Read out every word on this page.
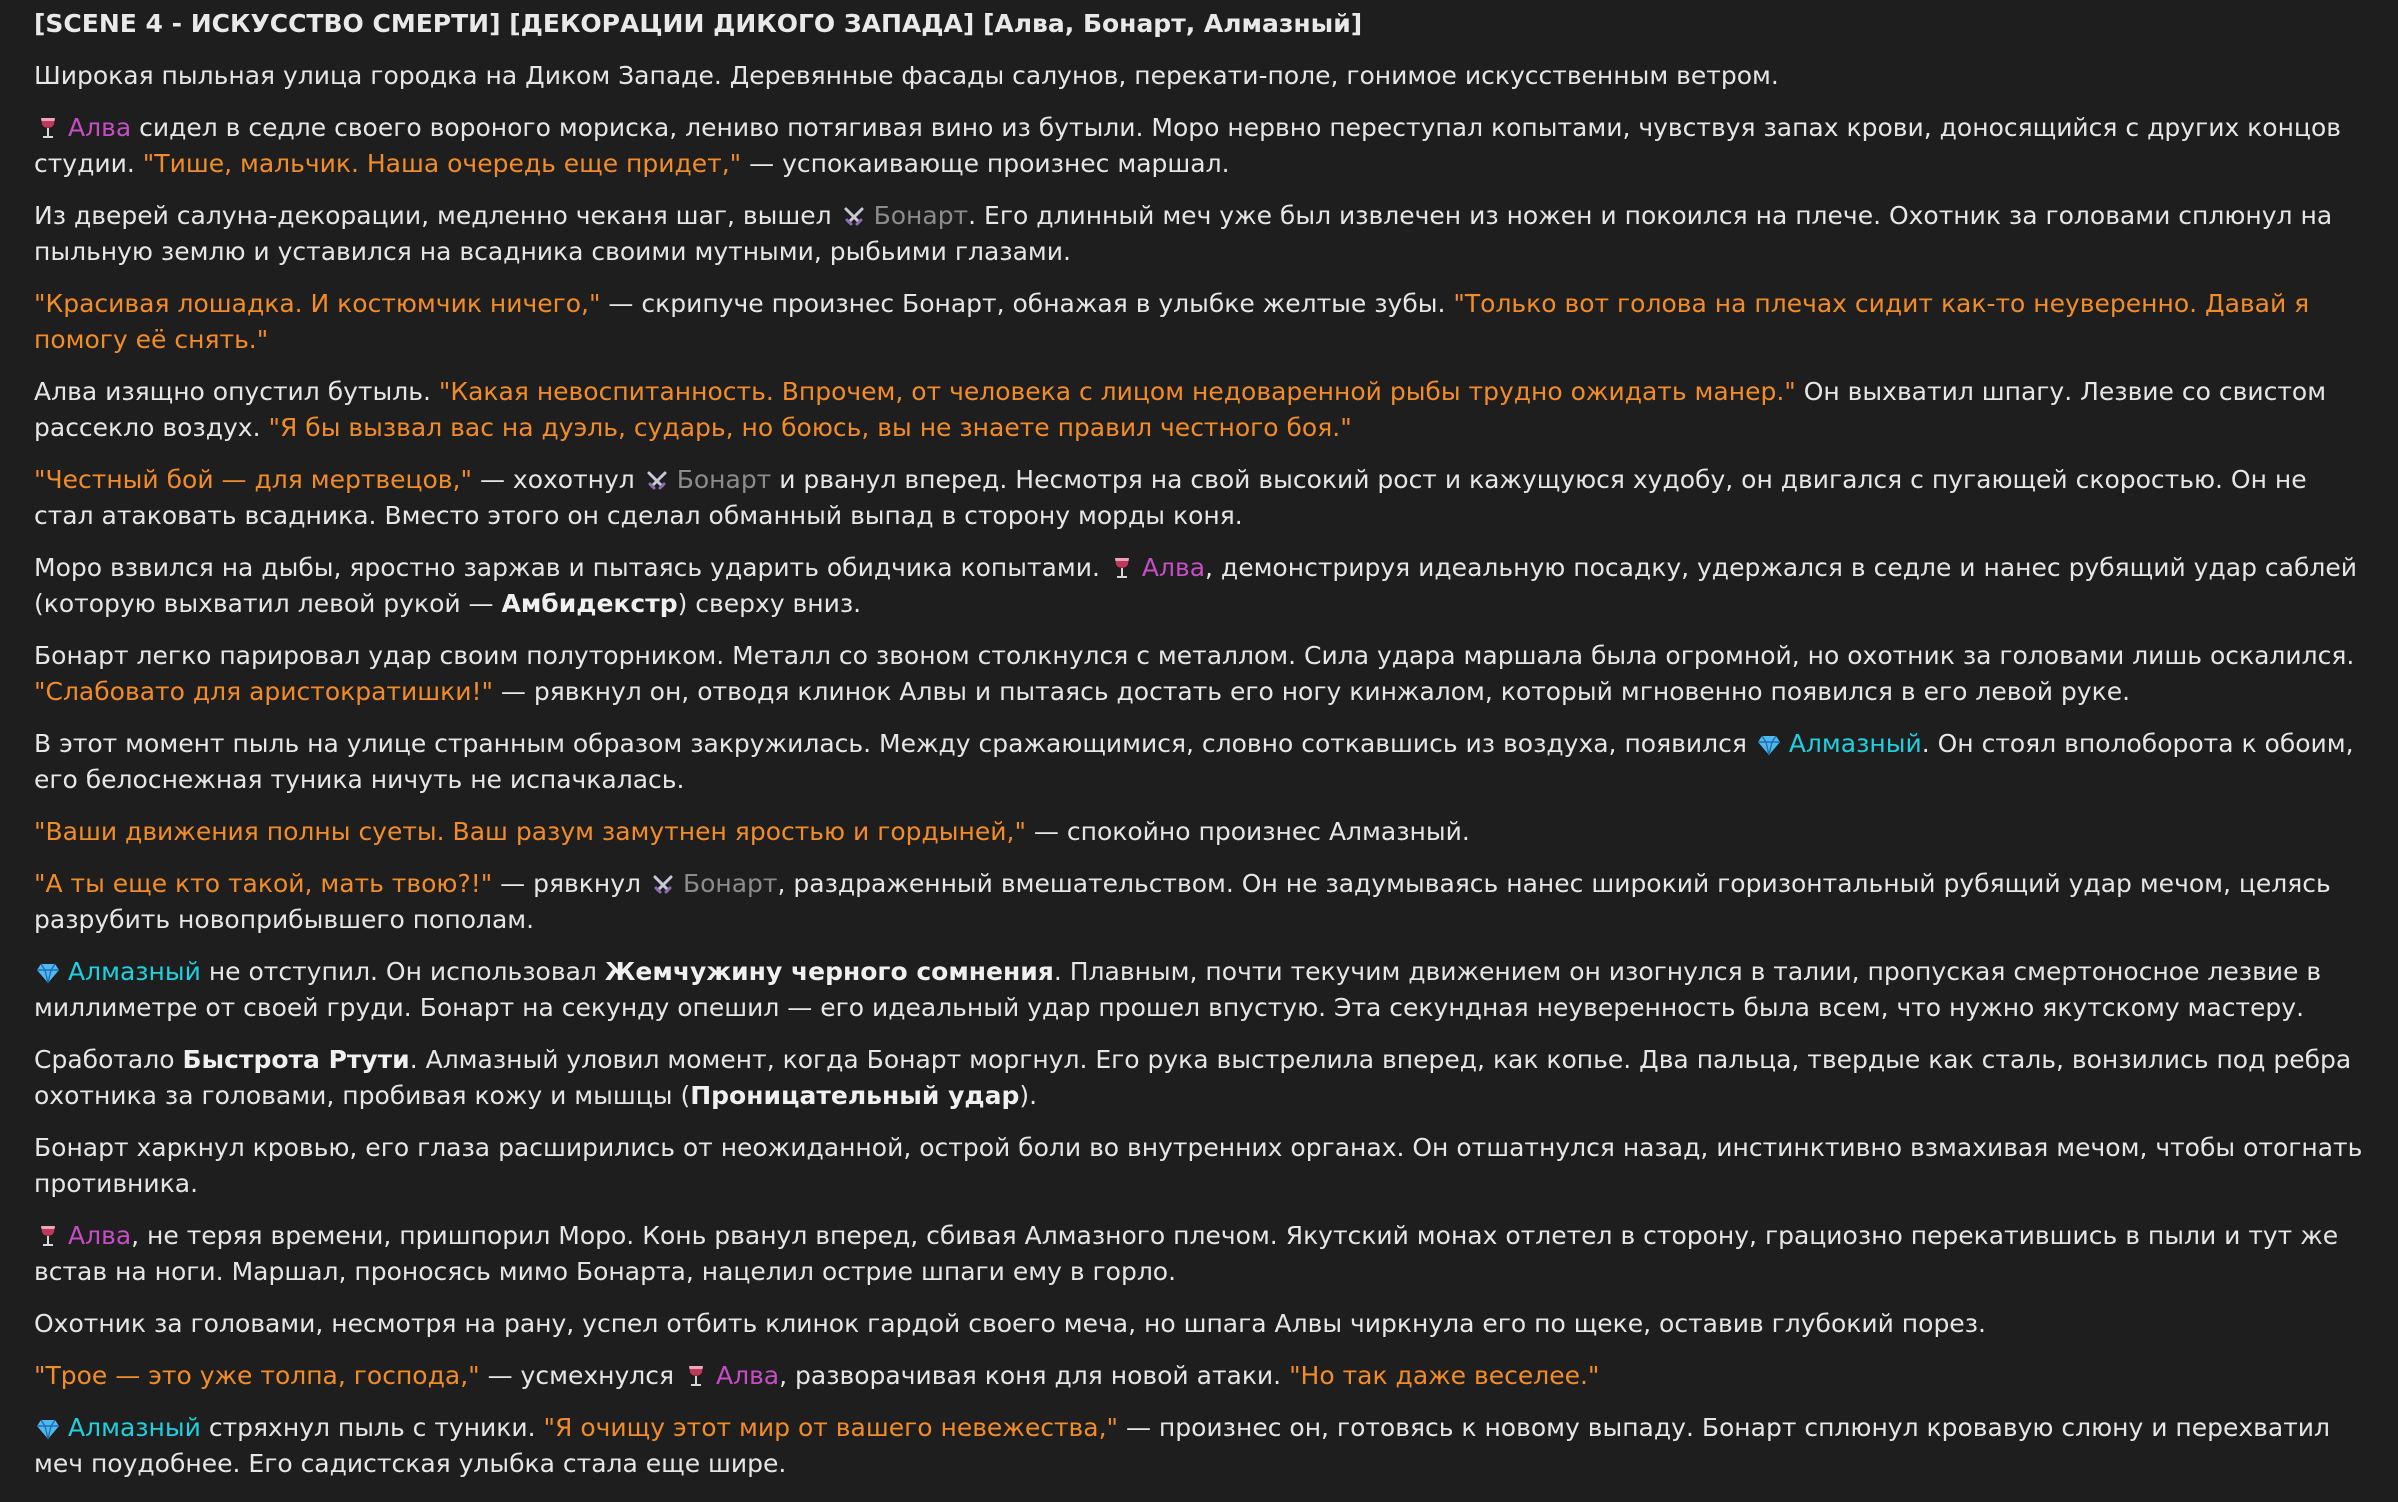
[SCENE 4 - ИСКУССТВО СМЕРТИ] [ДЕКОРАЦИИ ДИКОГО ЗАПАДА] [Алва, Бонарт, Алмазный]

Широкая пыльная улица городка на Диком Западе. Деревянные фасады салунов, перекати-поле, гонимое искусственным ветром.

Алва сидел в седле своего вороного мориска, лениво потягивая вино из бутыли. Моро нервно переступал копытами, чувствуя запах крови, доносящийся с других концов студии. "Тише, мальчик. Наша очередь еще придет," — успокаивающе произнес маршал.

Из дверей салуна-декорации, медленно чеканя шаг, вышел Бонарт. Его длинный меч уже был извлечен из ножен и покоился на плече. Охотник за головами сплюнул на пыльную землю и уставился на всадника своими мутными, рыбьими глазами.

"Красивая лошадка. И костюмчик ничего," — скрипуче произнес Бонарт, обнажая в улыбке желтые зубы. "Только вот голова на плечах сидит как-то неуверенно. Давай я помогу её снять."

Алва изящно опустил бутыль. "Какая невоспитанность. Впрочем, от человека с лицом недоваренной рыбы трудно ожидать манер." Он выхватил шпагу. Лезвие со свистом рассекло воздух. "Я бы вызвал вас на дуэль, сударь, но боюсь, вы не знаете правил честного боя."

"Честный бой — для мертвецов," — хохотнул Бонарт и рванул вперед. Несмотря на свой высокий рост и кажущуюся худобу, он двигался с пугающей скоростью. Он не стал атаковать всадника. Вместо этого он сделал обманный выпад в сторону морды коня.

Моро взвился на дыбы, яростно заржав и пытаясь ударить обидчика копытами. Алва, демонстрируя идеальную посадку, удержался в седле и нанес рубящий удар саблей (которую выхватил левой рукой — Амбидекстр) сверху вниз.

Бонарт легко парировал удар своим полуторником. Металл со звоном столкнулся с металлом. Сила удара маршала была огромной, но охотник за головами лишь оскалился. "Слабовато для аристократишки!" — рявкнул он, отводя клинок Алвы и пытаясь достать его ногу кинжалом, который мгновенно появился в его левой руке.

В этот момент пыль на улице странным образом закружилась. Между сражающимися, словно соткавшись из воздуха, появился Алмазный. Он стоял вполоборота к обоим, его белоснежная туника ничуть не испачкалась.

"Ваши движения полны суеты. Ваш разум замутнен яростью и гордыней," — спокойно произнес Алмазный.

"А ты еще кто такой, мать твою?!" — рявкнул Бонарт, раздраженный вмешательством. Он не задумываясь нанес широкий горизонтальный рубящий удар мечом, целясь разрубить новоприбывшего пополам.

Алмазный не отступил. Он использовал Жемчужину черного сомнения. Плавным, почти текучим движением он изогнулся в талии, пропуская смертоносное лезвие в миллиметре от своей груди. Бонарт на секунду опешил — его идеальный удар прошел впустую. Эта секундная неуверенность была всем, что нужно якутскому мастеру.

Сработало Быстрота Ртути. Алмазный уловил момент, когда Бонарт моргнул. Его рука выстрелила вперед, как копье. Два пальца, твердые как сталь, вонзились под ребра охотника за головами, пробивая кожу и мышцы (Проницательный удар).

Бонарт харкнул кровью, его глаза расширились от неожиданной, острой боли во внутренних органах. Он отшатнулся назад, инстинктивно взмахивая мечом, чтобы отогнать противника.

Алва, не теряя времени, пришпорил Моро. Конь рванул вперед, сбивая Алмазного плечом. Якутский монах отлетел в сторону, грациозно перекатившись в пыли и тут же встав на ноги. Маршал, проносясь мимо Бонарта, нацелил острие шпаги ему в горло.

Охотник за головами, несмотря на рану, успел отбить клинок гардой своего меча, но шпага Алвы чиркнула его по щеке, оставив глубокий порез.

"Трое — это уже толпа, господа," — усмехнулся Алва, разворачивая коня для новой атаки. "Но так даже веселее."

Алмазный стряхнул пыль с туники. "Я очищу этот мир от вашего невежества," — произнес он, готовясь к новому выпаду. Бонарт сплюнул кровавую слюну и перехватил меч поудобнее. Его садистская улыбка стала еще шире.
